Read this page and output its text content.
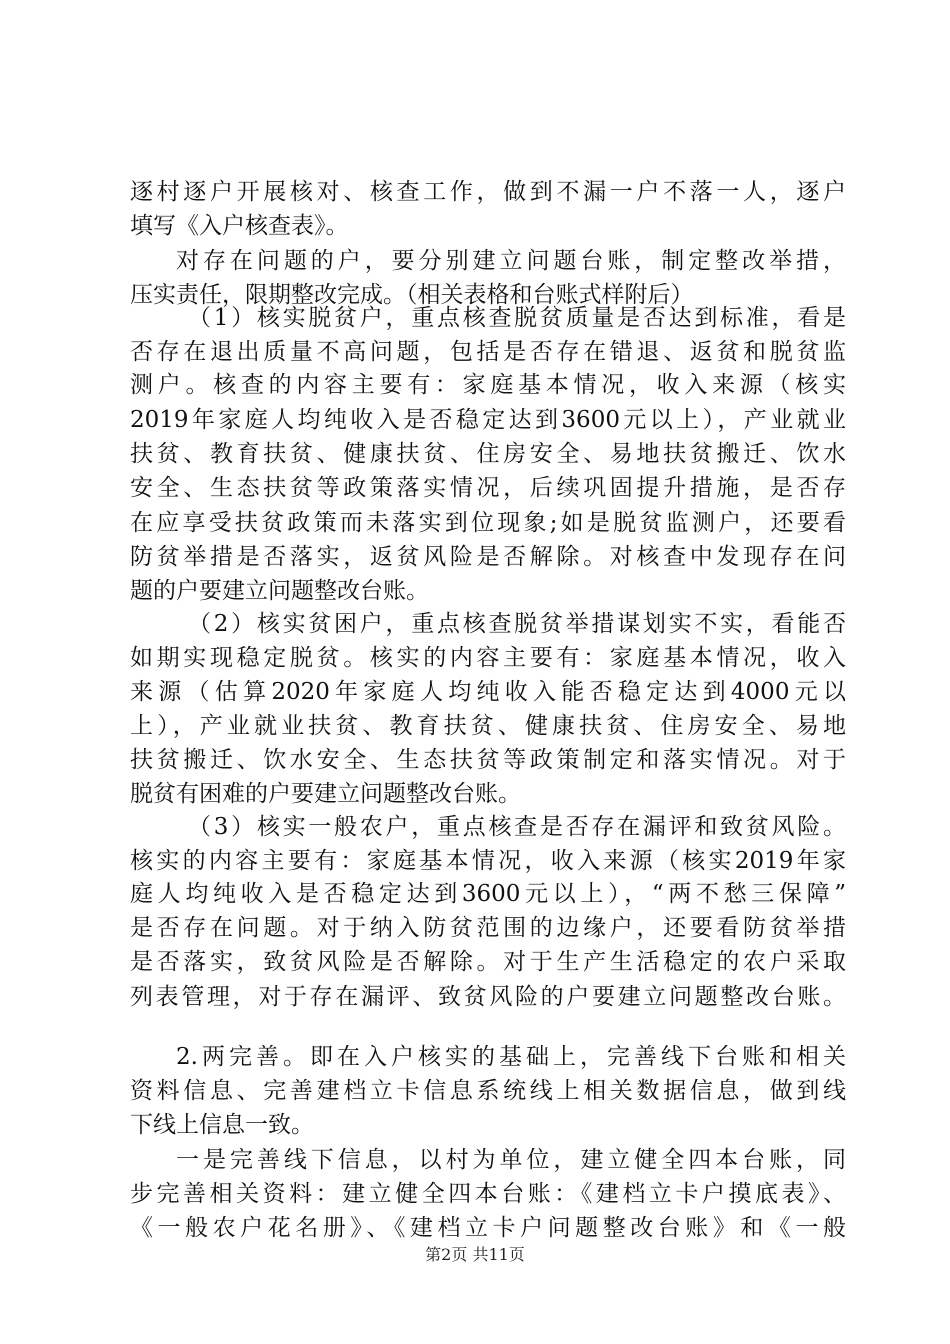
逐村逐户开展核对、核查工作，做到不漏一户不落一人，逐户
填写《入户核查表》。
对存在问题的户，要分别建立问题台账，制定整改举措，
压实责任，限期整改完成。（相关表格和台账式样附后）
（1）核实脱贫户，重点核查脱贫质量是否达到标准，看是
否存在退出质量不高问题，包括是否存在错退、返贫和脱贫监
测户。核查的内容主要有：家庭基本情况，收入来源（核实
2019年家庭人均纯收入是否稳定达到3600元以上），产业就业
扶贫、教育扶贫、健康扶贫、住房安全、易地扶贫搬迁、饮水
安全、生态扶贫等政策落实情况，后续巩固提升措施，是否存
在应享受扶贫政策而未落实到位现象;如是脱贫监测户，还要看
防贫举措是否落实，返贫风险是否解除。对核查中发现存在问
题的户要建立问题整改台账。
（2）核实贫困户，重点核查脱贫举措谋划实不实，看能否
如期实现稳定脱贫。核实的内容主要有：家庭基本情况，收入
来源（估算2020年家庭人均纯收入能否稳定达到4000元以
上），产业就业扶贫、教育扶贫、健康扶贫、住房安全、易地
扶贫搬迁、饮水安全、生态扶贫等政策制定和落实情况。对于
脱贫有困难的户要建立问题整改台账。
（3）核实一般农户，重点核查是否存在漏评和致贫风险。
核实的内容主要有：家庭基本情况，收入来源（核实2019年家
庭人均纯收入是否稳定达到3600元以上），“两不愁三保障”
是否存在问题。对于纳入防贫范围的边缘户，还要看防贫举措
是否落实，致贫风险是否解除。对于生产生活稳定的农户采取
列表管理，对于存在漏评、致贫风险的户要建立问题整改台账。
2.两完善。即在入户核实的基础上，完善线下台账和相关
资料信息、完善建档立卡信息系统线上相关数据信息，做到线
下线上信息一致。
一是完善线下信息，以村为单位，建立健全四本台账，同
步完善相关资料：建立健全四本台账：《建档立卡户摸底表》、
《一般农户花名册》、《建档立卡户问题整改台账》和《一般
第2页 共11页
